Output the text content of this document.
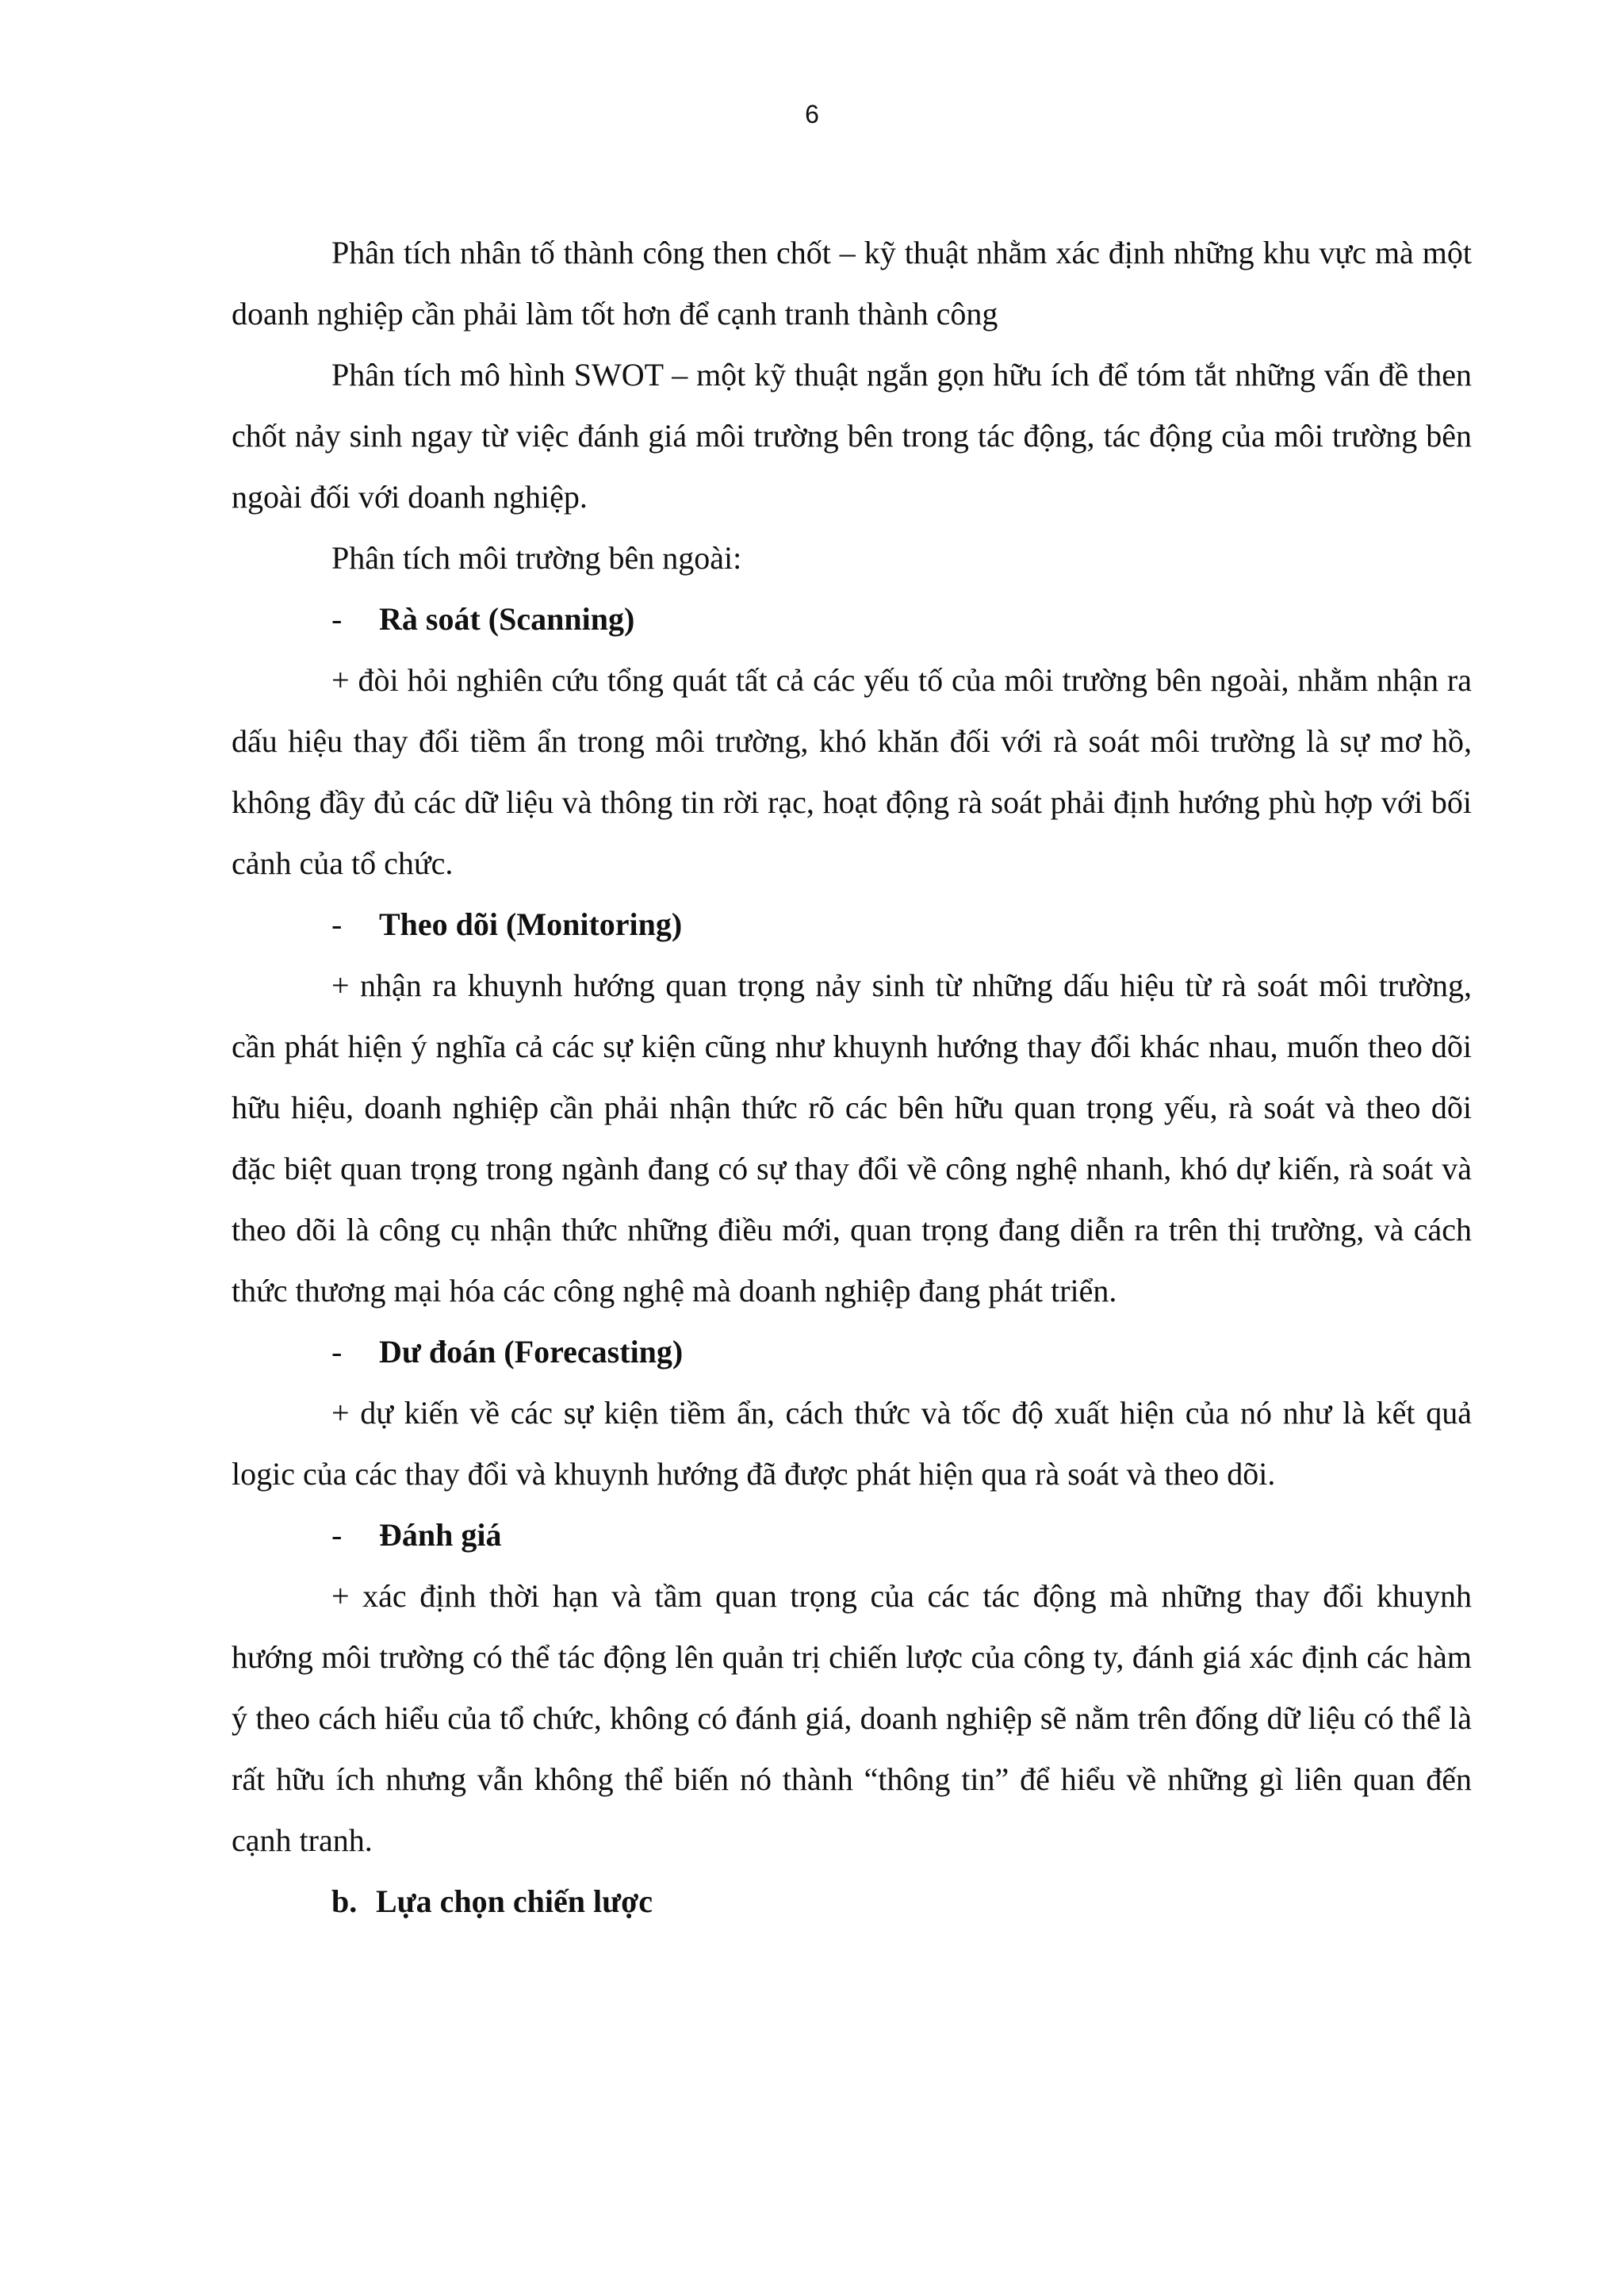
6

Phân tích nhân tố thành công then chốt – kỹ thuật nhằm xác định những khu vực mà một doanh nghiệp cần phải làm tốt hơn để cạnh tranh thành công

Phân tích mô hình SWOT – một kỹ thuật ngắn gọn hữu ích để tóm tắt những vấn đề then chốt nảy sinh ngay từ việc đánh giá môi trường bên trong tác động, tác động của môi trường bên ngoài đối với doanh nghiệp.

Phân tích môi trường bên ngoài:

-	Rà soát (Scanning)

+ đòi hỏi nghiên cứu tổng quát tất cả các yếu tố của môi trường bên ngoài, nhằm nhận ra dấu hiệu thay đổi tiềm ẩn trong môi trường, khó khăn đối với rà soát môi trường là sự mơ hồ, không đầy đủ các dữ liệu và thông tin rời rạc, hoạt động rà soát phải định hướng phù hợp với bối cảnh của tổ chức.

-	Theo dõi (Monitoring)

+ nhận ra khuynh hướng quan trọng nảy sinh từ những dấu hiệu từ rà soát môi trường, cần phát hiện ý nghĩa cả các sự kiện cũng như khuynh hướng thay đổi khác nhau, muốn theo dõi hữu hiệu, doanh nghiệp cần phải nhận thức rõ các bên hữu quan trọng yếu, rà soát và theo dõi đặc biệt quan trọng trong ngành đang có sự thay đổi về công nghệ nhanh, khó dự kiến, rà soát và theo dõi là công cụ nhận thức những điều mới, quan trọng đang diễn ra trên thị trường, và cách thức thương mại hóa các công nghệ mà doanh nghiệp đang phát triển.

-	Dư đoán (Forecasting)

+ dự kiến về các sự kiện tiềm ẩn, cách thức và tốc độ xuất hiện của nó như là kết quả logic của các thay đổi và khuynh hướng đã được phát hiện qua rà soát và theo dõi.

-	Đánh giá

+ xác định thời hạn và tầm quan trọng của các tác động mà những thay đổi khuynh hướng môi trường có thể tác động lên quản trị chiến lược của công ty, đánh giá xác định các hàm ý theo cách hiểu của tổ chức, không có đánh giá, doanh nghiệp sẽ nằm trên đống dữ liệu có thể là rất hữu ích nhưng vẫn không thể biến nó thành “thông tin” để hiểu về những gì liên quan đến cạnh tranh.

b. Lựa chọn chiến lược
